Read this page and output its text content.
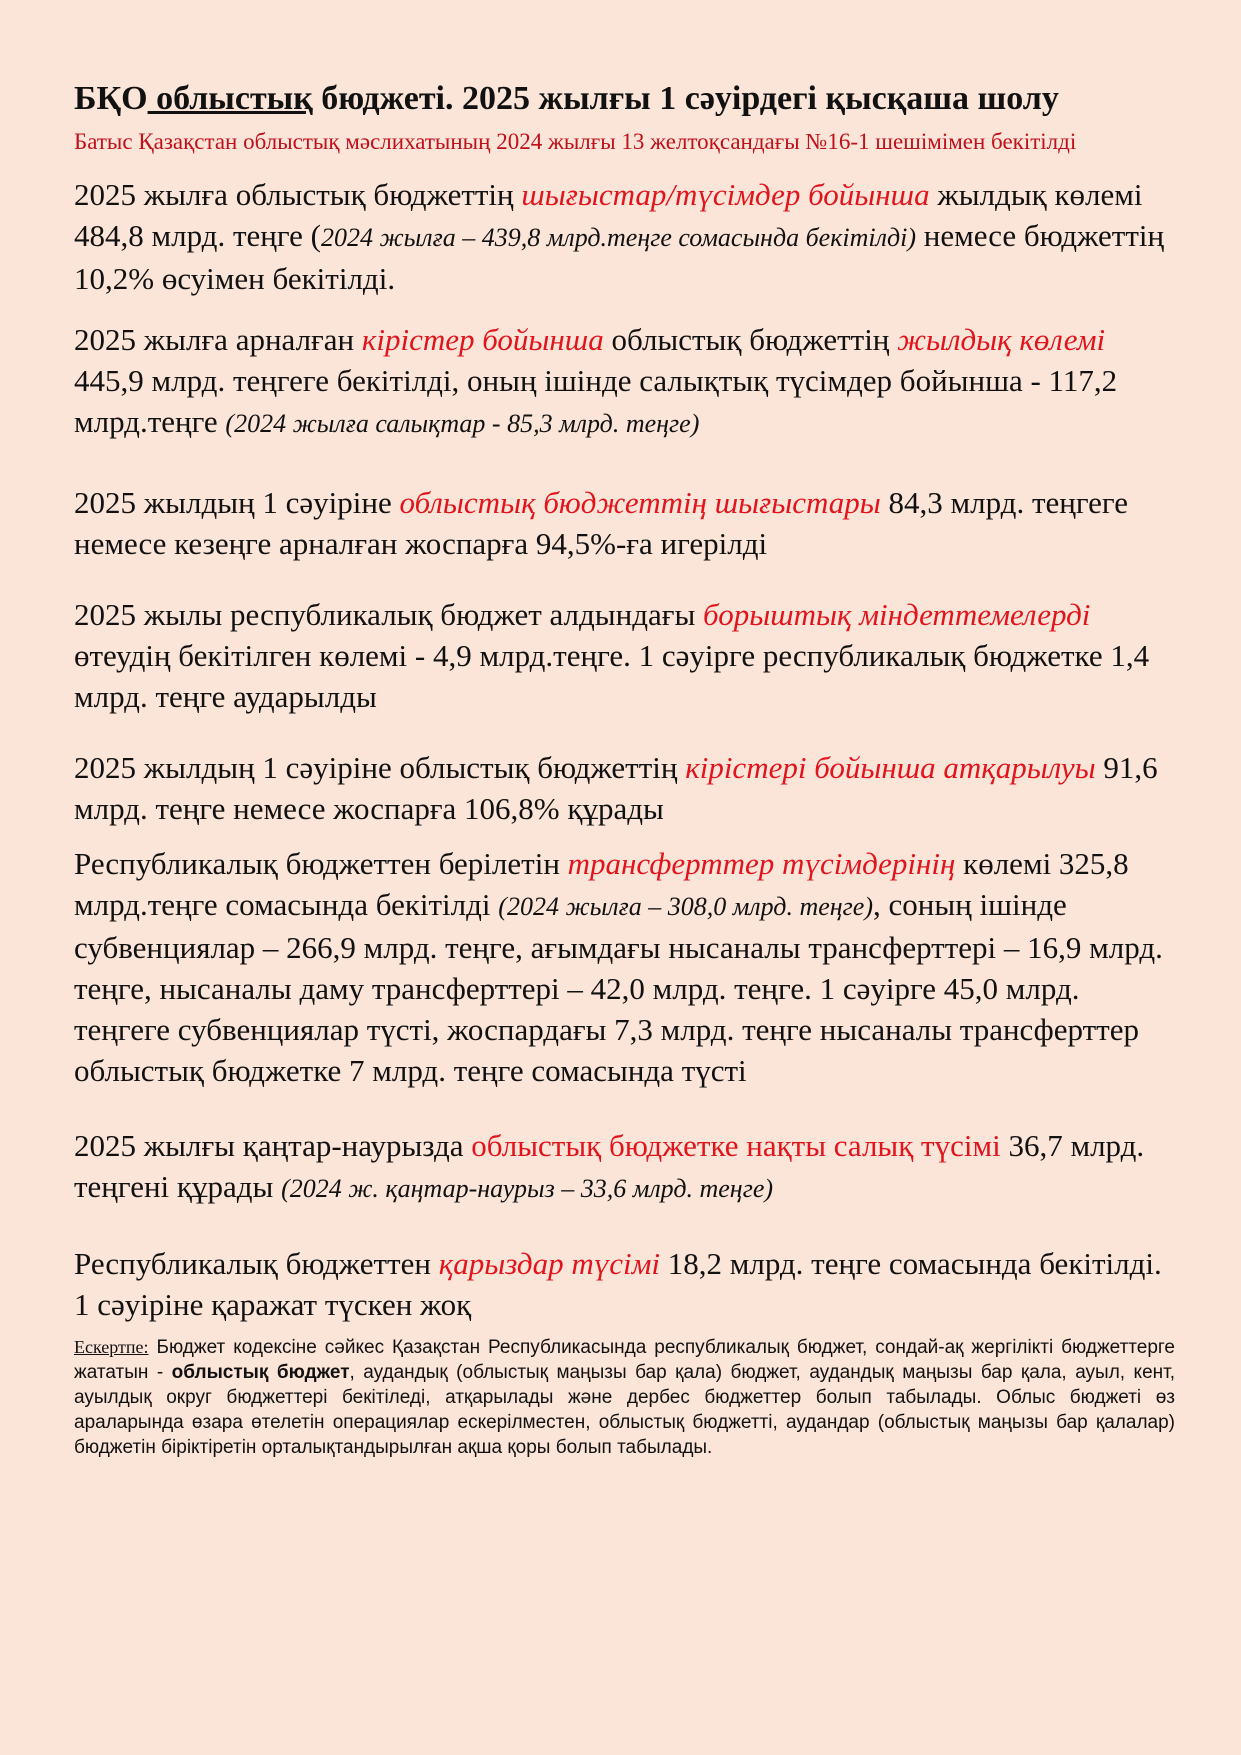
БҚО облыстық бюджеті. 2025 жылғы 1 сәуірдегі қысқаша шолу

Батыс Қазақстан облыстық мәслихатының 2024 жылғы 13 желтоқсандағы №16-1 шешімімен бекітілді

2025 жылға облыстық бюджеттің шығыстар/түсімдер бойынша жылдық көлемі 484,8 млрд. теңге (2024 жылға – 439,8 млрд.теңге сомасында бекітілді) немесе бюджеттің 10,2% өсуімен бекітілді.

2025 жылға арналған кірістер бойынша облыстық бюджеттің жылдық көлемі 445,9 млрд. теңгеге бекітілді, оның ішінде салықтық түсімдер бойынша - 117,2 млрд.теңге (2024 жылға салықтар - 85,3 млрд. теңге)

2025 жылдың 1 сәуіріне облыстық бюджеттің шығыстары 84,3 млрд. теңгеге немесе кезеңге арналған жоспарға 94,5%-ға игерілді

2025 жылы республикалық бюджет алдындағы борыштық міндеттемелерді өтеудің бекітілген көлемі - 4,9 млрд.теңге. 1 сәуірге республикалық бюджетке 1,4 млрд. теңге аударылды

2025 жылдың 1 сәуіріне облыстық бюджеттің кірістері бойынша атқарылуы 91,6 млрд. теңге немесе жоспарға 106,8% құрады

Республикалық бюджеттен берілетін трансферттер түсімдерінің көлемі 325,8 млрд.теңге сомасында бекітілді (2024 жылға – 308,0 млрд. теңге), соның ішінде субвенциялар – 266,9 млрд. теңге, ағымдағы нысаналы трансферттері – 16,9 млрд. теңге, нысаналы даму трансферттері – 42,0 млрд. теңге. 1 сәуірге 45,0 млрд. теңгеге субвенциялар түсті, жоспардағы 7,3 млрд. теңге нысаналы трансферттер облыстық бюджетке 7 млрд. теңге сомасында түсті

2025 жылғы қаңтар-наурызда облыстық бюджетке нақты салық түсімі 36,7 млрд. теңгені құрады (2024 ж. қаңтар-наурыз – 33,6 млрд. теңге)

Республикалық бюджеттен қарыздар түсімі 18,2 млрд. теңге сомасында бекітілді. 1 сәуіріне қаражат түскен жоқ

Ескертпе: Бюджет кодексіне сәйкес Қазақстан Республикасында республикалық бюджет, сондай-ақ жергілікті бюджеттерге жататын - облыстық бюджет, аудандық (облыстық маңызы бар қала) бюджет, аудандық маңызы бар қала, ауыл, кент, ауылдық округ бюджеттері бекітіледі, атқарылады және дербес бюджеттер болып табылады. Облыс бюджеті өз араларында өзара өтелетін операциялар ескерілместен, облыстық бюджетті, аудандар (облыстық маңызы бар қалалар) бюджетін біріктіретін орталықтандырылған ақша қоры болып табылады.
